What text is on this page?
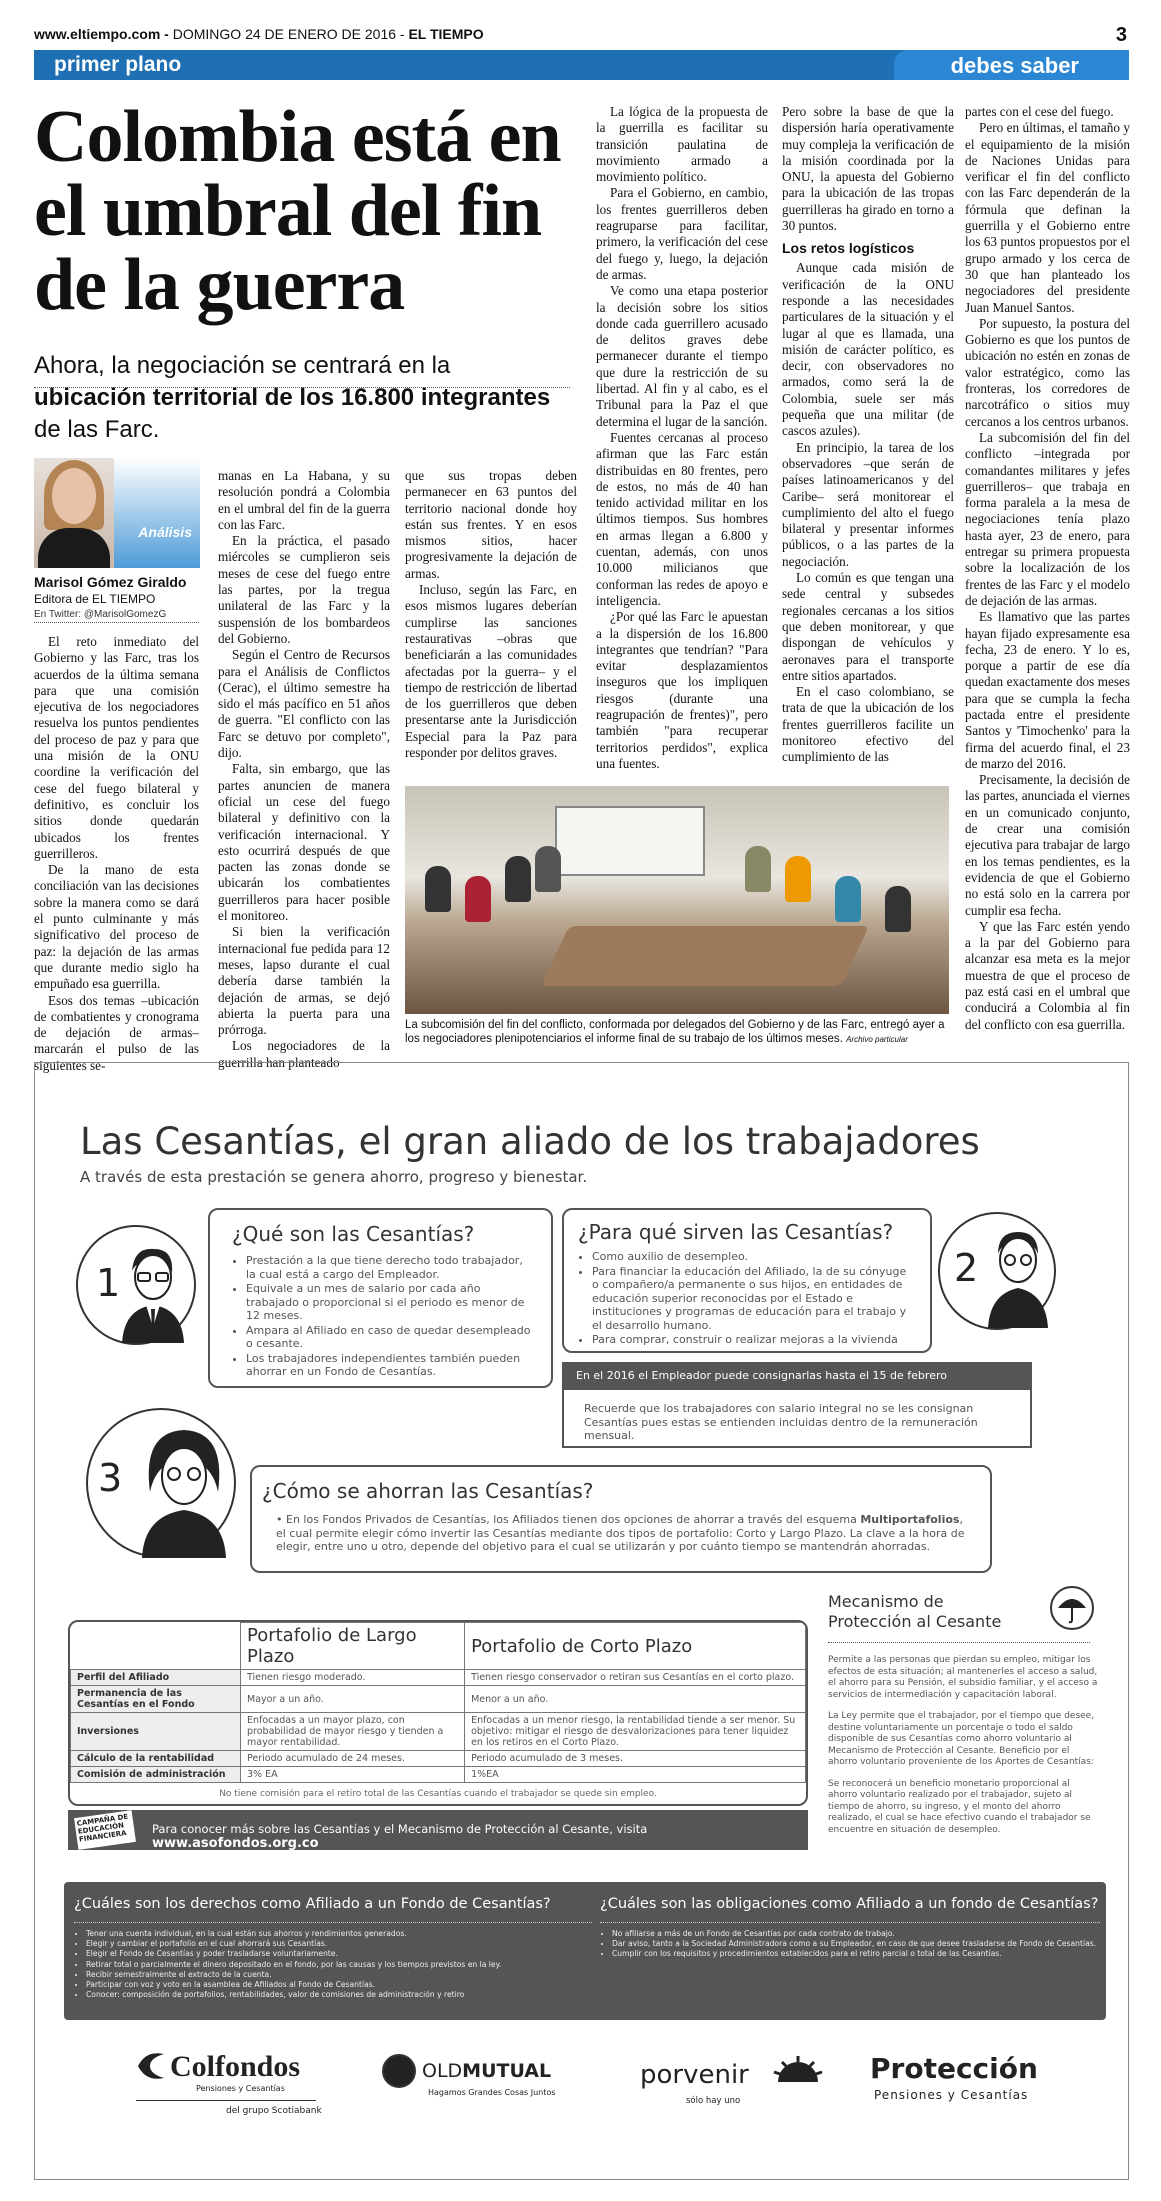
www.eltiempo.com - DOMINGO 24 DE ENERO DE 2016 - EL TIEMPO	3
primer plano	debes saber
Colombia está en el umbral del fin de la guerra
Ahora, la negociación se centrará en la ubicación territorial de los 16.800 integrantes de las Farc.
Análisis
Marisol Gómez Giraldo
Editora de EL TIEMPO
En Twitter: @MarisolGomezG

El reto inmediato del Gobierno y las Farc, tras los acuerdos de la última semana para que una comisión ejecutiva de los negociadores resuelva los puntos pendientes del proceso de paz y para que una misión de la ONU coordine la verificación del cese del fuego bilateral y definitivo, es concluir los sitios donde quedarán ubicados los frentes guerrilleros.

De la mano de esta conciliación van las decisiones sobre la manera como se dará el punto culminante y más significativo del proceso de paz: la dejación de las armas que durante medio siglo ha empuñado esa guerrilla.

Esos dos temas –ubicación de combatientes y cronograma de dejación de armas– marcarán el pulso de las siguientes se-

manas en La Habana, y su resolución pondrá a Colombia en el umbral del fin de la guerra con las Farc.

En la práctica, el pasado miércoles se cumplieron seis meses de cese del fuego entre las partes, por la tregua unilateral de las Farc y la suspensión de los bombardeos del Gobierno.

Según el Centro de Recursos para el Análisis de Conflictos (Cerac), el último semestre ha sido el más pacífico en 51 años de guerra. "El conflicto con las Farc se detuvo por completo", dijo.

Falta, sin embargo, que las partes anuncien de manera oficial un cese del fuego bilateral y definitivo con la verificación internacional. Y esto ocurrirá después de que pacten las zonas donde se ubicarán los combatientes guerrilleros para hacer posible el monitoreo.

Si bien la verificación internacional fue pedida para 12 meses, lapso durante el cual debería darse también la dejación de armas, se dejó abierta la puerta para una prórroga.

Los negociadores de la guerrilla han planteado

que sus tropas deben permanecer en 63 puntos del territorio nacional donde hoy están sus frentes. Y en esos mismos sitios, hacer progresivamente la dejación de armas.

Incluso, según las Farc, en esos mismos lugares deberían cumplirse las sanciones restaurativas –obras que beneficiarán a las comunidades afectadas por la guerra– y el tiempo de restricción de libertad de los guerrilleros que deben presentarse ante la Jurisdicción Especial para la Paz para responder por delitos graves.

La lógica de la propuesta de la guerrilla es facilitar su transición paulatina de movimiento armado a movimiento político.

Para el Gobierno, en cambio, los frentes guerrilleros deben reagruparse para facilitar, primero, la verificación del cese del fuego y, luego, la dejación de armas.

Ve como una etapa posterior la decisión sobre los sitios donde cada guerrillero acusado de delitos graves debe permanecer durante el tiempo que dure la restricción de su libertad. Al fin y al cabo, es el Tribunal para la Paz el que determina el lugar de la sanción.

Fuentes cercanas al proceso afirman que las Farc están distribuidas en 80 frentes, pero de estos, no más de 40 han tenido actividad militar en los últimos tiempos. Sus hombres en armas llegan a 6.800 y cuentan, además, con unos 10.000 milicianos que conforman las redes de apoyo e inteligencia.

¿Por qué las Farc le apuestan a la dispersión de los 16.800 integrantes que tendrían? "Para evitar desplazamientos inseguros que los impliquen riesgos (durante una reagrupación de frentes)", pero también "para recuperar territorios perdidos", explica una fuentes.

Pero sobre la base de que la dispersión haría operativamente muy compleja la verificación de la misión coordinada por la ONU, la apuesta del Gobierno para la ubicación de las tropas guerrilleras ha girado en torno a 30 puntos.

Los retos logísticos

Aunque cada misión de verificación de la ONU responde a las necesidades particulares de la situación y el lugar al que es llamada, una misión de carácter político, es decir, con observadores no armados, como será la de Colombia, suele ser más pequeña que una militar (de cascos azules).

En principio, la tarea de los observadores –que serán de países latinoamericanos y del Caribe– será monitorear el cumplimiento del alto el fuego bilateral y presentar informes públicos, o a las partes de la negociación.

Lo común es que tengan una sede central y subsedes regionales cercanas a los sitios que deben monitorear, y que dispongan de vehículos y aeronaves para el transporte entre sitios apartados.

En el caso colombiano, se trata de que la ubicación de los frentes guerrilleros facilite un monitoreo efectivo del cumplimiento de las

partes con el cese del fuego.

Pero en últimas, el tamaño y el equipamiento de la misión de Naciones Unidas para verificar el fin del conflicto con las Farc dependerán de la fórmula que definan la guerrilla y el Gobierno entre los 63 puntos propuestos por el grupo armado y los cerca de 30 que han planteado los negociadores del presidente Juan Manuel Santos.

Por supuesto, la postura del Gobierno es que los puntos de ubicación no estén en zonas de valor estratégico, como las fronteras, los corredores de narcotráfico o sitios muy cercanos a los centros urbanos.

La subcomisión del fin del conflicto –integrada por comandantes militares y jefes guerrilleros– que trabaja en forma paralela a la mesa de negociaciones tenía plazo hasta ayer, 23 de enero, para entregar su primera propuesta sobre la localización de los frentes de las Farc y el modelo de dejación de las armas.

Es llamativo que las partes hayan fijado expresamente esa fecha, 23 de enero. Y lo es, porque a partir de ese día quedan exactamente dos meses para que se cumpla la fecha pactada entre el presidente Santos y 'Timochenko' para la firma del acuerdo final, el 23 de marzo del 2016.

Precisamente, la decisión de las partes, anunciada el viernes en un comunicado conjunto, de crear una comisión ejecutiva para trabajar de largo en los temas pendientes, es la evidencia de que el Gobierno no está solo en la carrera por cumplir esa fecha.

Y que las Farc estén yendo a la par del Gobierno para alcanzar esa meta es la mejor muestra de que el proceso de paz está casi en el umbral que conducirá a Colombia al fin del conflicto con esa guerrilla.

La subcomisión del fin del conflicto, conformada por delegados del Gobierno y de las Farc, entregó ayer a los negociadores plenipotenciarios el informe final de su trabajo de los últimos meses. Archivo particular
Las Cesantías, el gran aliado de los trabajadores
A través de esta prestación se genera ahorro, progreso y bienestar.
1
¿Qué son las Cesantías?
• Prestación a la que tiene derecho todo trabajador, la cual está a cargo del Empleador.
• Equivale a un mes de salario por cada año trabajado o proporcional si el periodo es menor de 12 meses.
• Ampara al Afiliado en caso de quedar desempleado o cesante.
• Los trabajadores independientes también pueden ahorrar en un Fondo de Cesantías.
¿Para qué sirven las Cesantías?
• Como auxilio de desempleo.
• Para financiar la educación del Afiliado, la de su cónyuge o compañero/a permanente o sus hijos, en entidades de educación superior reconocidas por el Estado e instituciones y programas de educación para el trabajo y el desarrollo humano.
• Para comprar, construir o realizar mejoras a la vivienda
2
En el 2016 el Empleador puede consignarlas hasta el 15 de febrero
Recuerde que los trabajadores con salario integral no se les consignan Cesantías pues estas se entienden incluidas dentro de la remuneración mensual.
3	¿Cómo se ahorran las Cesantías?
• En los Fondos Privados de Cesantías, los Afiliados tienen dos opciones de ahorrar a través del esquema Multiportafolios, el cual permite elegir cómo invertir las Cesantías mediante dos tipos de portafolio: Corto y Largo Plazo. La clave a la hora de elegir, entre uno u otro, depende del objetivo para el cual se utilizarán y por cuánto tiempo se mantendrán ahorradas.
	Portafolio de Largo Plazo	Portafolio de Corto Plazo
Perfil del Afiliado	Tienen riesgo moderado.	Tienen riesgo conservador o retiran sus Cesantías en el corto plazo.
Permanencia de las Cesantías en el Fondo	Mayor a un año.	Menor a un año.
Inversiones	Enfocadas a un mayor plazo, con probabilidad de mayor riesgo y tienden a mayor rentabilidad.	Enfocadas a un menor riesgo, la rentabilidad tiende a ser menor. Su objetivo: mitigar el riesgo de desvalorizaciones para tener liquidez en los retiros en el Corto Plazo.
Cálculo de la rentabilidad	Periodo acumulado de 24 meses.	Periodo acumulado de 3 meses.
Comisión de administración	3% EA	1%EA
No tiene comisión para el retiro total de las Cesantías cuando el trabajador se quede sin empleo.
Mecanismo de Protección al Cesante
Permite a las personas que pierdan su empleo, mitigar los efectos de esta situación; al mantenerles el acceso a salud, el ahorro para su Pensión, el subsidio familiar, y el acceso a servicios de intermediación y capacitación laboral.
La Ley permite que el trabajador, por el tiempo que desee, destine voluntariamente un porcentaje o todo el saldo disponible de sus Cesantías como ahorro voluntario al Mecanismo de Protección al Cesante. Beneficio por el ahorro voluntario proveniente de los Aportes de Cesantías:
Se reconocerá un beneficio monetario proporcional al ahorro voluntario realizado por el trabajador, sujeto al tiempo de ahorro, su ingreso, y el monto del ahorro realizado, el cual se hace efectivo cuando el trabajador se encuentre en situación de desempleo.
CAMPAÑA DE EDUCACIÓN FINANCIERA
Para conocer más sobre las Cesantías y el Mecanismo de Protección al Cesante, visita www.asofondos.org.co
¿Cuáles son los derechos como Afiliado a un Fondo de Cesantías?
• Tener una cuenta individual, en la cual están sus ahorros y rendimientos generados.
• Elegir y cambiar el portafolio en el cual ahorrará sus Cesantías.
• Elegir el Fondo de Cesantías y poder trasladarse voluntariamente.
• Retirar total o parcialmente el dinero depositado en el fondo, por las causas y los tiempos previstos en la ley.
• Recibir semestralmente el extracto de la cuenta.
• Participar con voz y voto en la asamblea de Afiliados al Fondo de Cesantías.
• Conocer: composición de portafolios, rentabilidades, valor de comisiones de administración y retiro
¿Cuáles son las obligaciones como Afiliado a un fondo de Cesantías?
• No afiliarse a más de un Fondo de Cesantías por cada contrato de trabajo.
• Dar aviso, tanto a la Sociedad Administradora como a su Empleador, en caso de que desee trasladarse de Fondo de Cesantías.
• Cumplir con los requisitos y procedimientos establecidos para el retiro parcial o total de las Cesantías.
Colfondos
Pensiones y Cesantías
del grupo Scotiabank
OLDMUTUAL
Hagamos Grandes Cosas Juntos
porvenir
sólo hay uno
Protección
Pensiones y Cesantías
